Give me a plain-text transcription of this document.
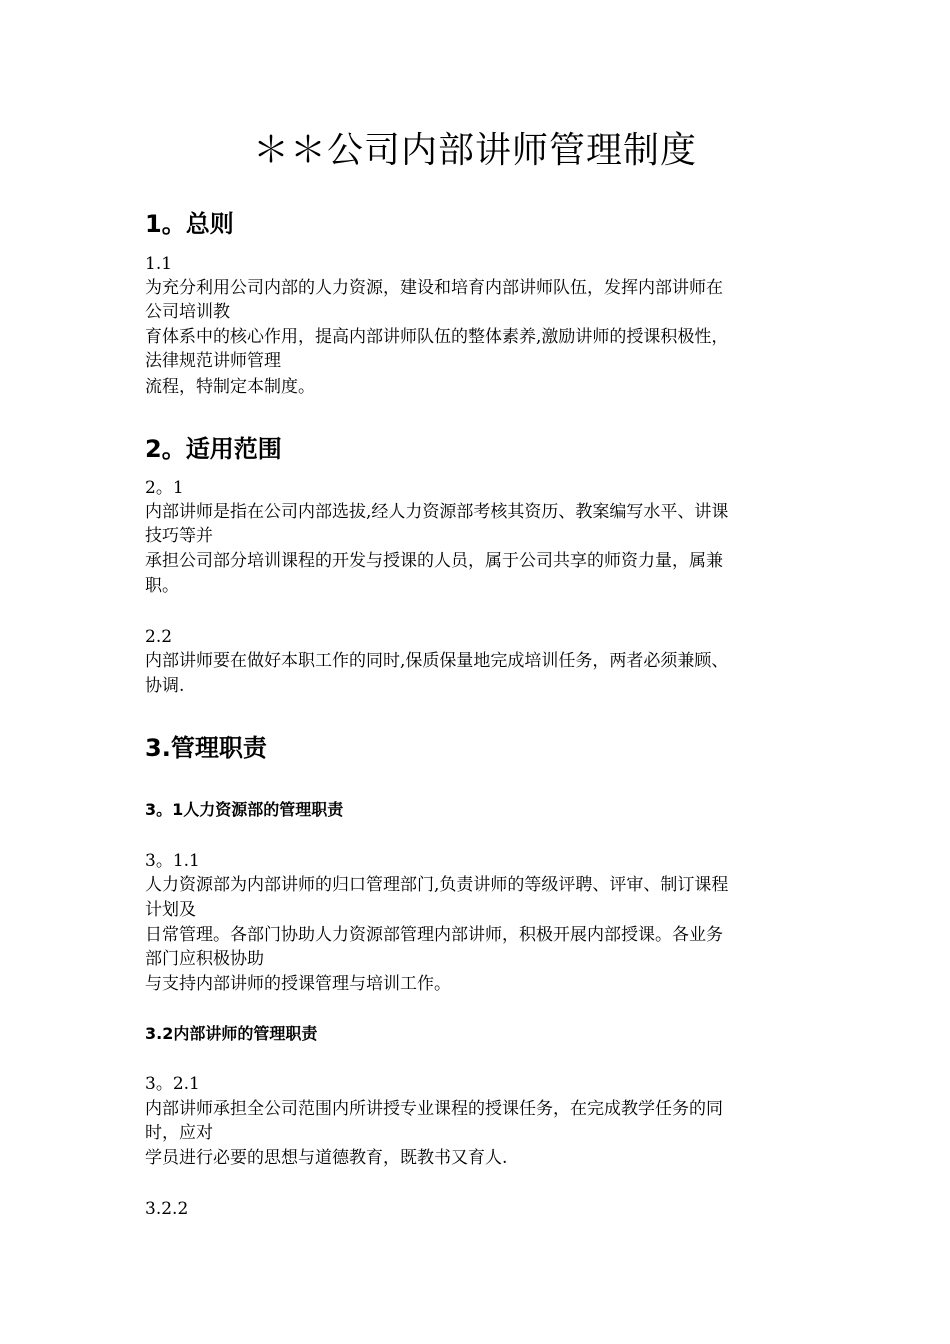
＊＊公司内部讲师管理制度
1。总则

1.1

为充分利用公司内部的人力资源，建设和培育内部讲师队伍，发挥内部讲师在

公司培训教

育体系中的核心作用，提高内部讲师队伍的整体素养,激励讲师的授课积极性，

法律规范讲师管理

流程，特制定本制度。

2。适用范围

2。1

内部讲师是指在公司内部选拔,经人力资源部考核其资历、教案编写水平、讲课

技巧等并

承担公司部分培训课程的开发与授课的人员，属于公司共享的师资力量，属兼

职。

2.2

内部讲师要在做好本职工作的同时,保质保量地完成培训任务，两者必须兼顾、

协调.

3.管理职责
3。1人力资源部的管理职责

3。1.1

人力资源部为内部讲师的归口管理部门,负责讲师的等级评聘、评审、制订课程

计划及

日常管理。各部门协助人力资源部管理内部讲师，积极开展内部授课。各业务

部门应积极协助

与支持内部讲师的授课管理与培训工作。

3.2内部讲师的管理职责

3。2.1

内部讲师承担全公司范围内所讲授专业课程的授课任务，在完成教学任务的同

时，应对

学员进行必要的思想与道德教育，既教书又育人.

3.2.2
